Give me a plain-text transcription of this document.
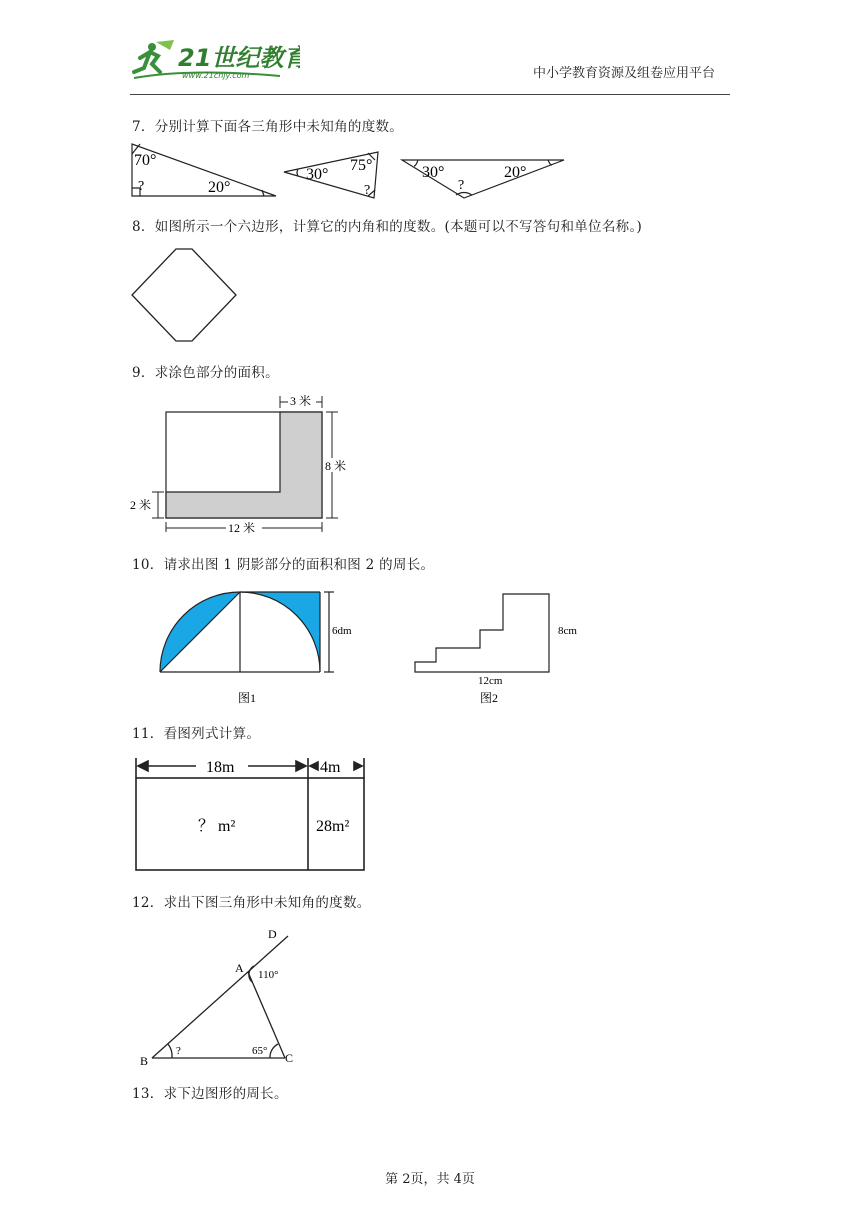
21世纪教育
www.21cnjy.com	中小学教育资源及组卷应用平台
7．分别计算下面各三角形中未知角的度数。
70°
20°
?
30°
75°
?
30°	20°
?
8．如图所示一个六边形，计算它的内角和的度数。(本题可以不写答句和单位名称。)
9．求涂色部分的面积。
3 米
8 米
2 米
12 米
10．请求出图 1 阴影部分的面积和图 2 的周长。
6dm
图1
8cm
12cm
图2
11．看图列式计算。
18m	4m
？ m²	28m²
12．求出下图三角形中未知角的度数。
D
A
B	C
110°
65°
?
13．求下边图形的周长。
第 2页，共 4页
